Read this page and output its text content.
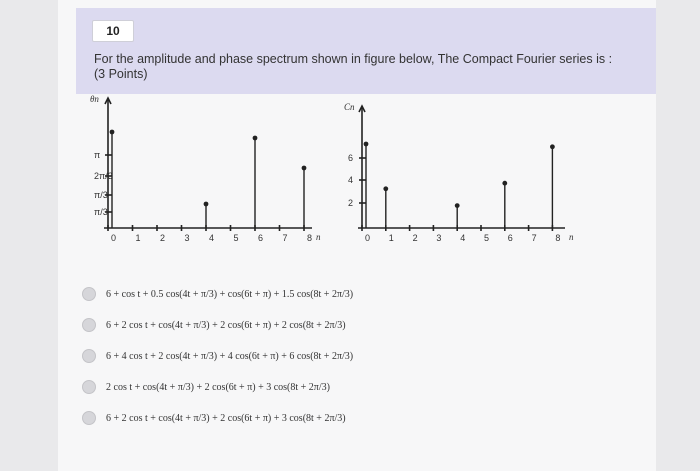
10
For the amplitude and phase spectrum shown in figure below, The Compact Fourier series is :
(3 Points)
θn
n
0 1 2 3 4 5 6 7 8
π
2π/3
π/3
π/3
Cn
n
0 1 2 3 4 5 6 7 8
6
4
2
6 + cos t + 0.5 cos(4t + π/3) + cos(6t + π) + 1.5 cos(8t + 2π/3)
6 + 2 cos t + cos(4t + π/3) + 2 cos(6t + π) + 2 cos(8t + 2π/3)
6 + 4 cos t + 2 cos(4t + π/3) + 4 cos(6t + π) + 6 cos(8t + 2π/3)
2 cos t + cos(4t + π/3) + 2 cos(6t + π) + 3 cos(8t + 2π/3)
6 + 2 cos t + cos(4t + π/3) + 2 cos(6t + π) + 3 cos(8t + 2π/3)
